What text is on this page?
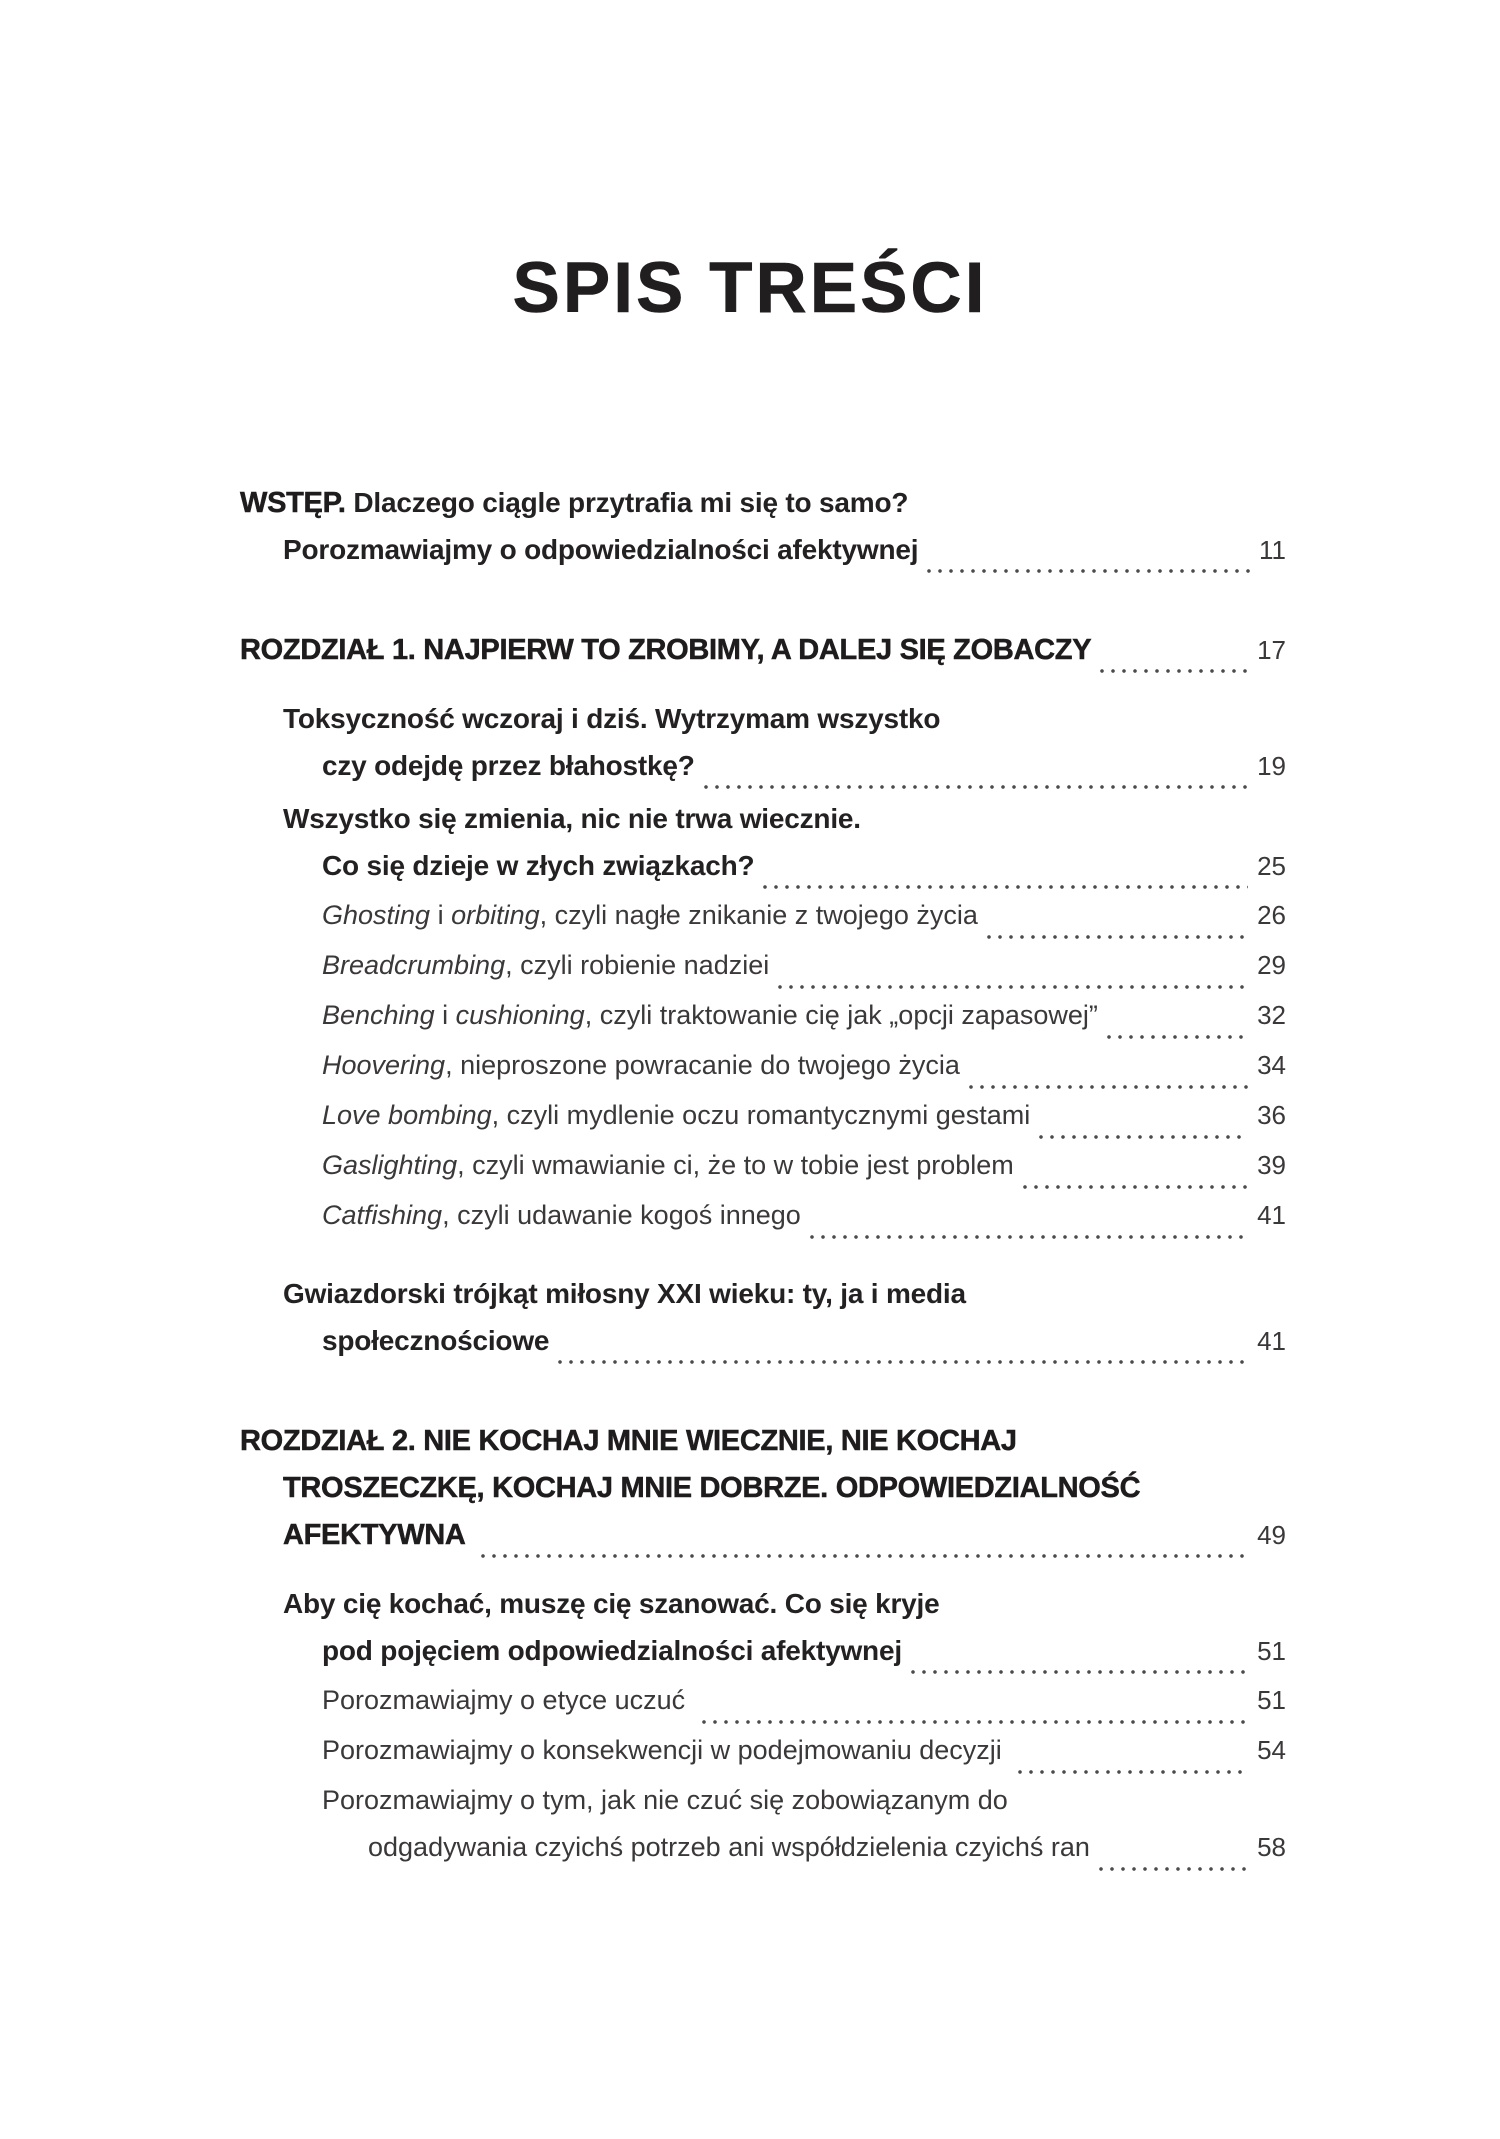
SPIS TREŚCI
WSTĘP. Dlaczego ciągle przytrafia mi się to samo?
Porozmawiajmy o odpowiedzialności afektywnej	11
ROZDZIAŁ 1. NAJPIERW TO ZROBIMY, A DALEJ SIĘ ZOBACZY	17
Toksyczność wczoraj i dziś. Wytrzymam wszystko
czy odejdę przez błahostkę?	19
Wszystko się zmienia, nic nie trwa wiecznie.
Co się dzieje w złych związkach?	25
Ghosting i orbiting , czyli nagłe znikanie z twojego życia	26
Breadcrumbing , czyli robienie nadziei	29
Benching i cushioning , czyli traktowanie cię jak „opcji zapasowej”	32
Hoovering , nieproszone powracanie do twojego życia	34
Love bombing , czyli mydlenie oczu romantycznymi gestami	36
Gaslighting , czyli wmawianie ci, że to w tobie jest problem	39
Catfishing , czyli udawanie kogoś innego	41
Gwiazdorski trójkąt miłosny XXI wieku: ty, ja i media
społecznościowe	41
ROZDZIAŁ 2. NIE KOCHAJ MNIE WIECZNIE, NIE KOCHAJ
TROSZECZKĘ, KOCHAJ MNIE DOBRZE. ODPOWIEDZIALNOŚĆ
AFEKTYWNA	49
Aby cię kochać, muszę cię szanować. Co się kryje
pod pojęciem odpowiedzialności afektywnej	51
Porozmawiajmy o etyce uczuć	51
Porozmawiajmy o konsekwencji w podejmowaniu decyzji	54
Porozmawiajmy o tym, jak nie czuć się zobowiązanym do
odgadywania czyichś potrzeb ani współdzielenia czyichś ran	58
